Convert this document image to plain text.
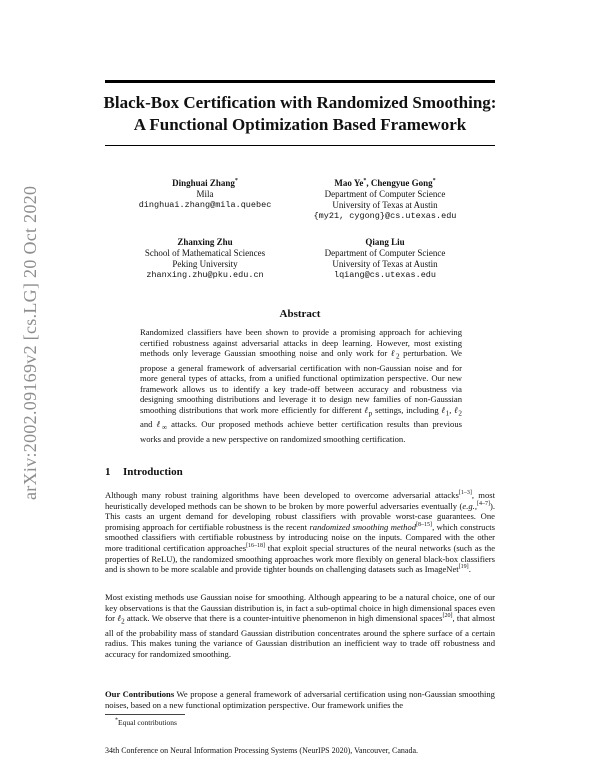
arXiv:2002.09169v2 [cs.LG] 20 Oct 2020
Black-Box Certification with Randomized Smoothing:
A Functional Optimization Based Framework
Dinghuai Zhang*
Mila
dinghuai.zhang@mila.quebec
Mao Ye*, Chengyue Gong*
Department of Computer Science
University of Texas at Austin
{my21, cygong}@cs.utexas.edu
Zhanxing Zhu
School of Mathematical Sciences
Peking University
zhanxing.zhu@pku.edu.cn
Qiang Liu
Department of Computer Science
University of Texas at Austin
lqiang@cs.utexas.edu
Abstract
Randomized classifiers have been shown to provide a promising approach for achieving certified robustness against adversarial attacks in deep learning. However, most existing methods only leverage Gaussian smoothing noise and only work for ℓ$_2$ perturbation. We propose a general framework of adversarial certification with non-Gaussian noise and for more general types of attacks, from a unified functional optimization perspective. Our new framework allows us to identify a key trade-off between accuracy and robustness via designing smoothing distributions and leverage it to design new families of non-Gaussian smoothing distributions that work more efficiently for different ℓ$_p$ settings, including ℓ$_1$, ℓ$_2$ and ℓ$_\infty$ attacks. Our proposed methods achieve better certification results than previous works and provide a new perspective on randomized smoothing certification.
1 Introduction
Although many robust training algorithms have been developed to overcome adversarial attacks[1–3], most heuristically developed methods can be shown to be broken by more powerful adversaries eventually (e.g.,[4–7]). This casts an urgent demand for developing robust classifiers with provable worst-case guarantees. One promising approach for certifiable robustness is the recent randomized smoothing method[8–15], which constructs smoothed classifiers with certifiable robustness by introducing noise on the inputs. Compared with the other more traditional certification approaches[16–18] that exploit special structures of the neural networks (such as the properties of ReLU), the randomized smoothing approaches work more flexibly on general black-box classifiers and is shown to be more scalable and provide tighter bounds on challenging datasets such as ImageNet[19].
Most existing methods use Gaussian noise for smoothing. Although appearing to be a natural choice, one of our key observations is that the Gaussian distribution is, in fact a sub-optimal choice in high dimensional spaces even for ℓ$_2$ attack. We observe that there is a counter-intuitive phenomenon in high dimensional spaces[20], that almost all of the probability mass of standard Gaussian distribution concentrates around the sphere surface of a certain radius. This makes tuning the variance of Gaussian distribution an inefficient way to trade off robustness and accuracy for randomized smoothing.
Our Contributions We propose a general framework of adversarial certification using non-Gaussian smoothing noises, based on a new functional optimization perspective. Our framework unifies the
*Equal contributions
34th Conference on Neural Information Processing Systems (NeurIPS 2020), Vancouver, Canada.
